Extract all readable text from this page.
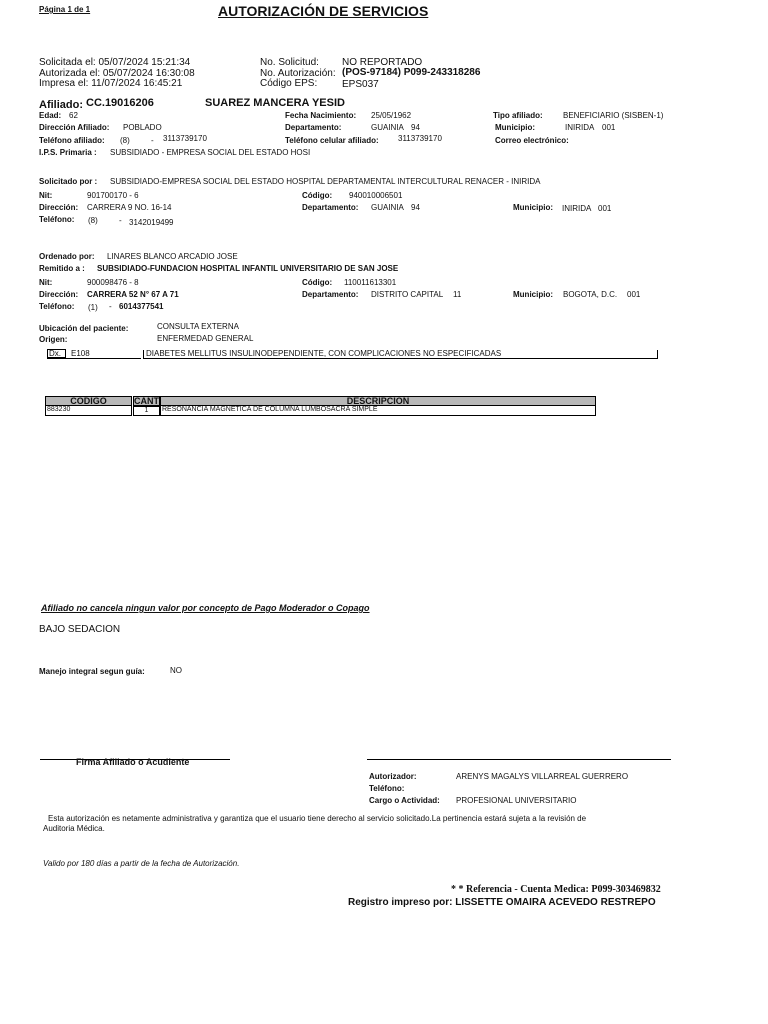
Página 1 de 1	AUTORIZACIÓN DE SERVICIOS
Solicitada el: 05/07/2024 15:21:34
Autorizada el: 05/07/2024 16:30:08
Impresa el: 11/07/2024 16:45:21
No. Solicitud: NO REPORTADO
No. Autorización: (POS-97184) P099-243318286
Código EPS: EPS037
Afiliado: CC.19016206	SUAREZ MANCERA YESID
Edad: 62	Fecha Nacimiento: 25/05/1962	Tipo afiliado:	BENEFICIARIO (SISBEN-1)
Dirección Afiliado: POBLADO	Departamento:	GUAINIA 94	Municipio:	INIRIDA 001
Teléfono afiliado: (8)	- 3113739170	Teléfono celular afiliado: 3113739170	Correo electrónico:
I.P.S. Primaria : SUBSIDIADO - EMPRESA SOCIAL DEL ESTADO HOSI
Solicitado por : SUBSIDIADO-EMPRESA SOCIAL DEL ESTADO HOSPITAL DEPARTAMENTAL INTERCULTURAL RENACER - INIRIDA
Nit:	901700170 - 6	Código: 940010006501
Dirección: CARRERA 9 NO. 16-14	Departamento: GUAINIA 94	Municipio: INIRIDA 001
Teléfono: (8)	- 3142019499
Ordenado por: LINARES BLANCO ARCADIO JOSE
Remitido a : SUBSIDIADO-FUNDACION HOSPITAL INFANTIL UNIVERSITARIO DE SAN JOSE
Nit:	900098476 - 8	Código: 110011613301
Dirección: CARRERA 52 N° 67 A 71	Departamento: DISTRITO CAPITAL 11	Municipio: BOGOTA, D.C. 001
Teléfono: (1) - 6014377541
Ubicación del paciente:	CONSULTA EXTERNA
Origen:	ENFERMEDAD GENERAL
Dx. E108	DIABETES MELLITUS INSULINODEPENDIENTE, CON COMPLICACIONES NO ESPECIFICADAS
CODIGO	CANT	DESCRIPCION
883230	1	RESONANCIA MAGNETICA DE COLUMNA LUMBOSACRA SIMPLE
Afiliado no cancela ningun valor por concepto de Pago Moderador o Copago
BAJO SEDACION
Manejo integral segun guía:	NO
Firma Afiliado o Acudiente
Autorizador:	ARENYS MAGALYS VILLARREAL GUERRERO
Teléfono:
Cargo o Actividad: PROFESIONAL UNIVERSITARIO
Esta autorización es netamente administrativa y garantiza que el usuario tiene derecho al servicio solicitado.La pertinencia estará sujeta a la revisión de
Auditoria Médica.
Valido por 180 días a partir de la fecha de Autorización.
* * Referencia - Cuenta Medica: P099-303469832
Registro impreso por: LISSETTE OMAIRA ACEVEDO RESTREPO
